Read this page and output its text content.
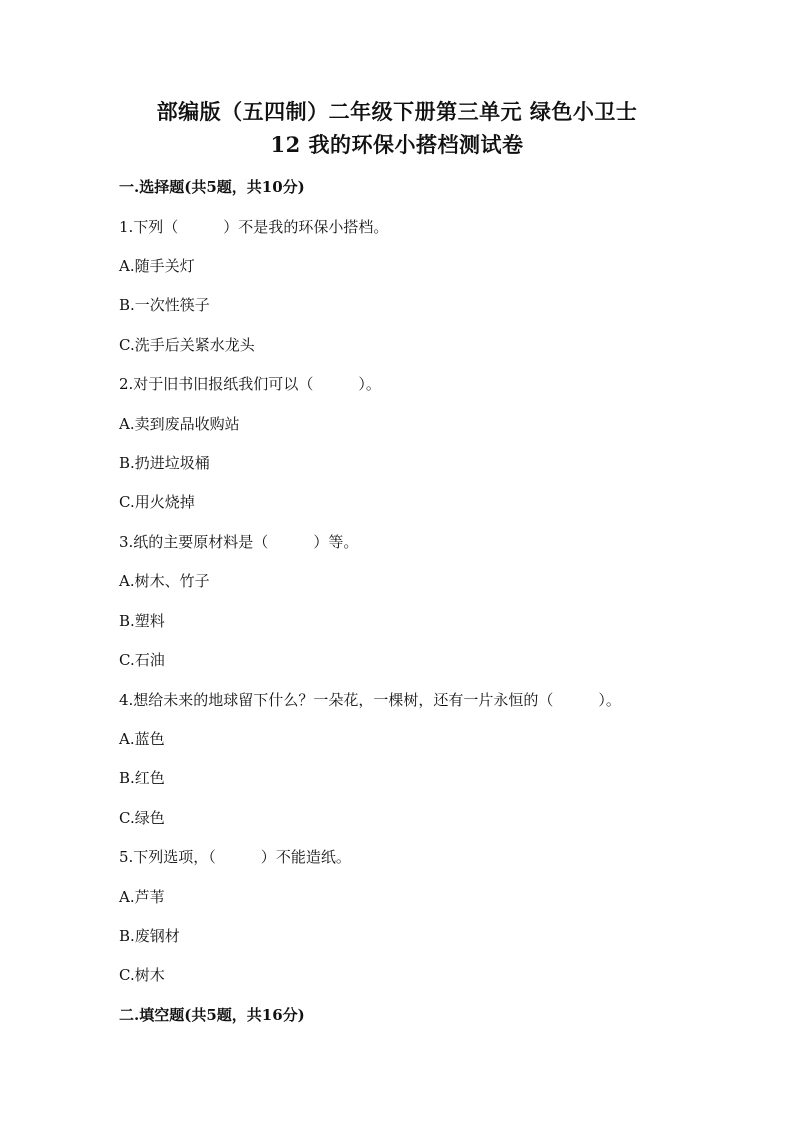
部编版（五四制）二年级下册第三单元 绿色小卫士
12 我的环保小搭档测试卷
一.选择题(共5题，共10分)
1.下列（　　　）不是我的环保小搭档。
A.随手关灯
B.一次性筷子
C.洗手后关紧水龙头
2.对于旧书旧报纸我们可以（　　　）。
A.卖到废品收购站
B.扔进垃圾桶
C.用火烧掉
3.纸的主要原材料是（　　　）等。
A.树木、竹子
B.塑料
C.石油
4.想给未来的地球留下什么？一朵花，一棵树，还有一片永恒的（　　　）。
A.蓝色
B.红色
C.绿色
5.下列选项，（　　　）不能造纸。
A.芦苇
B.废钢材
C.树木
二.填空题(共5题，共16分)
